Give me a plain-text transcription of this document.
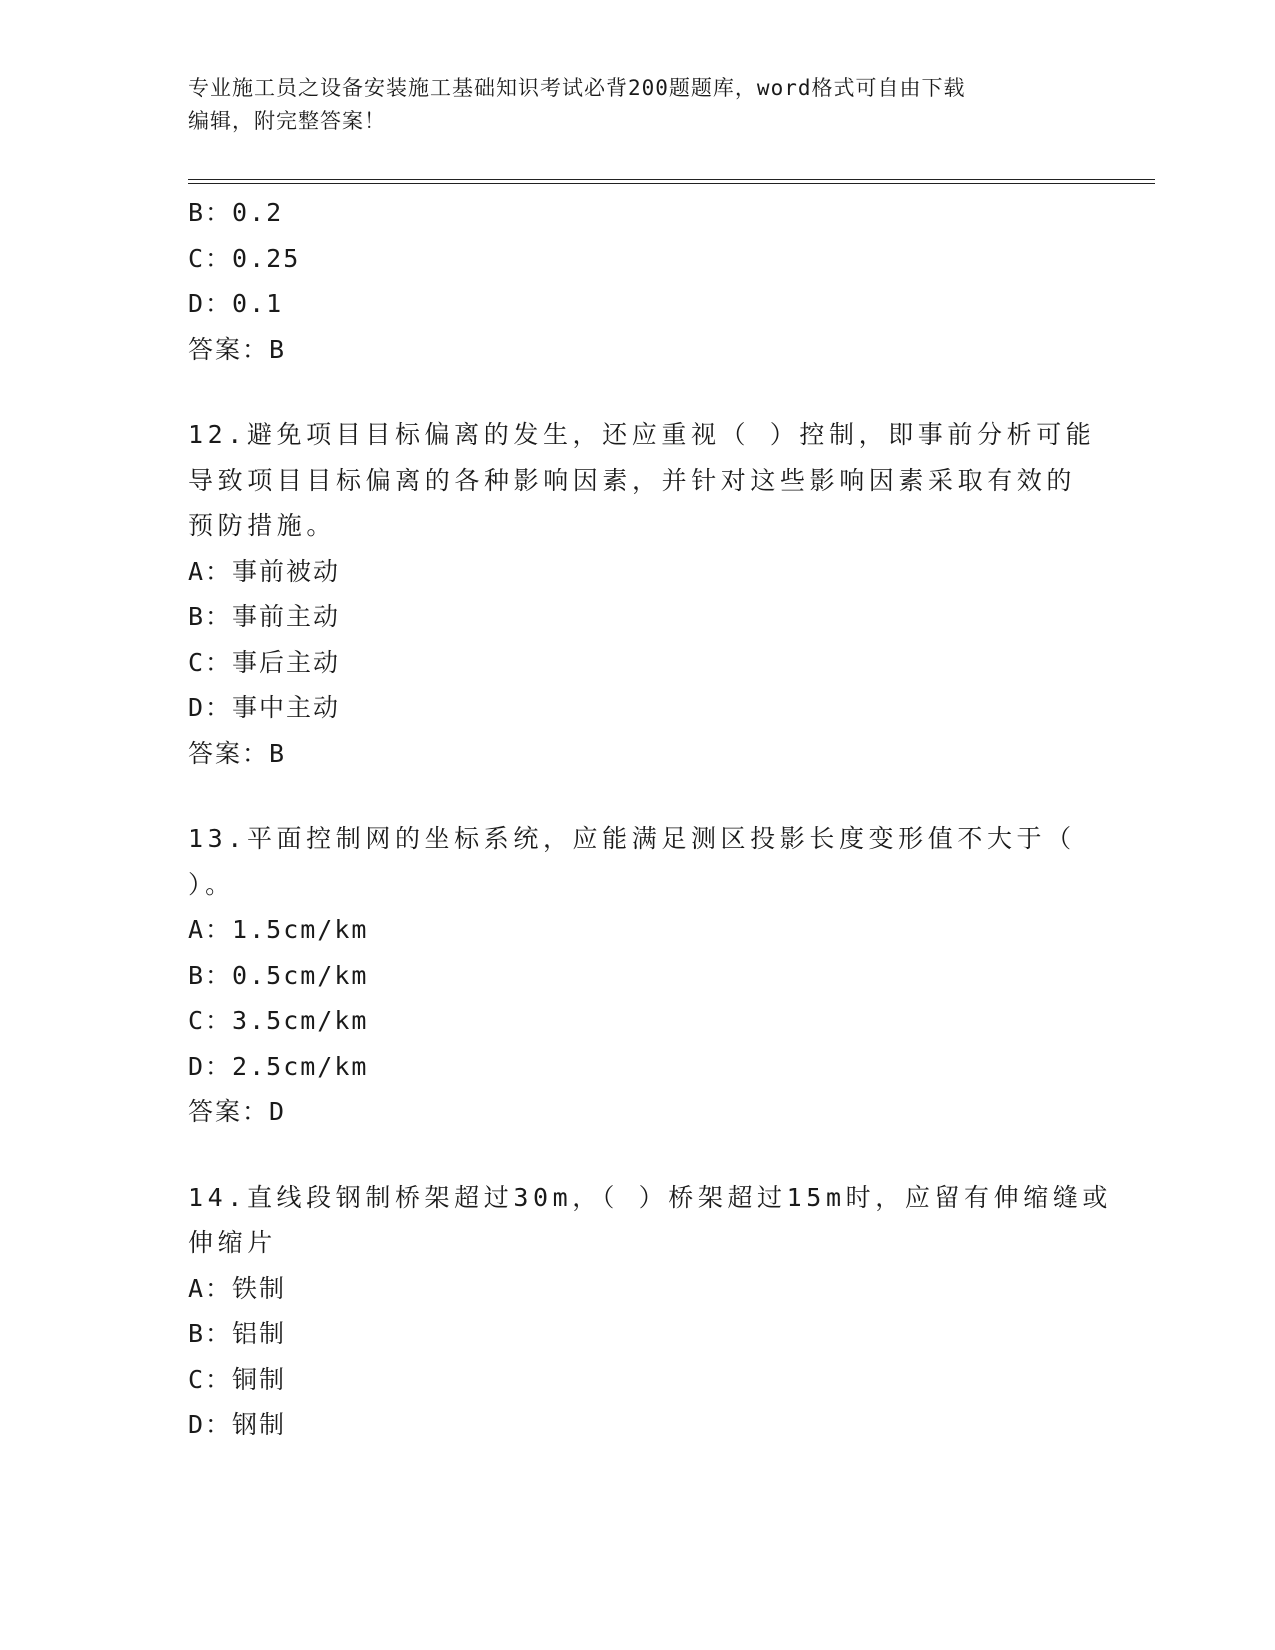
专业施工员之设备安装施工基础知识考试必背200题题库，word格式可自由下载
编辑，附完整答案！
B：0.2
C：0.25
D：0.1
答案：B
12.避免项目目标偏离的发生，还应重视（ ）控制，即事前分析可能
导致项目目标偏离的各种影响因素，并针对这些影响因素采取有效的
预防措施。
A：事前被动
B：事前主动
C：事后主动
D：事中主动
答案：B
13.平面控制网的坐标系统，应能满足测区投影长度变形值不大于（
）。
A：1.5cm/km
B：0.5cm/km
C：3.5cm/km
D：2.5cm/km
答案：D
14.直线段钢制桥架超过30m，（ ）桥架超过15m时，应留有伸缩缝或
伸缩片
A：铁制
B：铝制
C：铜制
D：钢制
